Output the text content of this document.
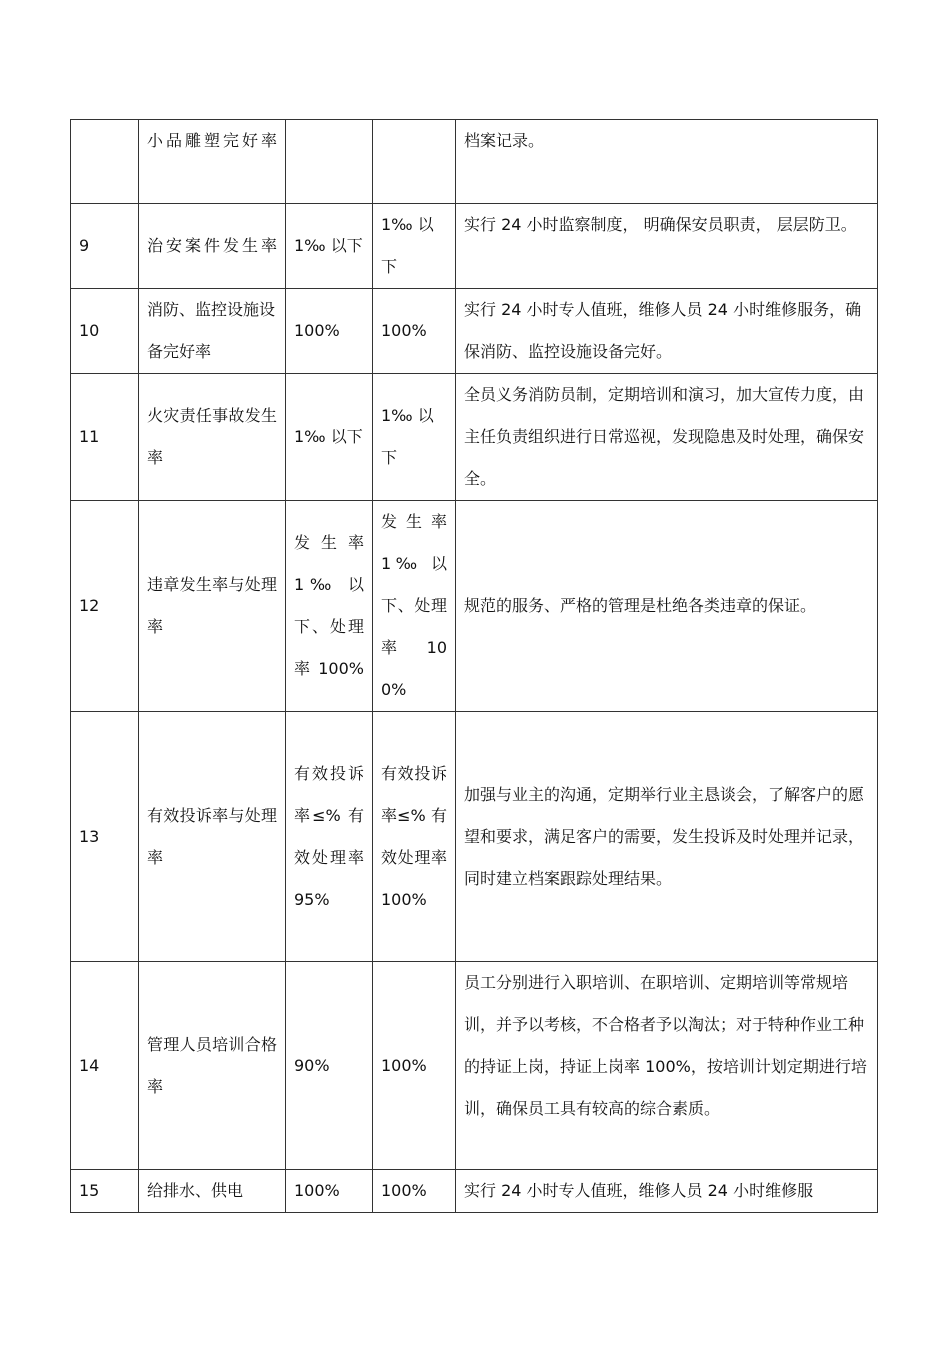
	小品雕塑完好率			档案记录。
9	治安案件发生率	1‰ 以下	1‰ 以下	实行 24 小时监察制度， 明确保安员职责， 层层防卫。
10	消防、监控设施设备完好率	100%	100%	实行 24 小时专人值班，维修人员 24 小时维修服务，确保消防、监控设施设备完好。
11	火灾责任事故发生率	1‰ 以下	1‰ 以下	全员义务消防员制，定期培训和演习，加大宣传力度，由主任负责组织进行日常巡视，发现隐患及时处理，确保安全。
12	违章发生率与处理率	发生率 1‰ 以下、处理率 100%	发生率 1‰ 以下、处理率 100%	规范的服务、严格的管理是杜绝各类违章的保证。
13	有效投诉率与处理率	有效投诉率≤% 有效处理率 95%	有效投诉率≤% 有效处理率 100%	加强与业主的沟通，定期举行业主恳谈会，了解客户的愿望和要求，满足客户的需要，发生投诉及时处理并记录，同时建立档案跟踪处理结果。
14	管理人员培训合格率	90%	100%	员工分别进行入职培训、在职培训、定期培训等常规培训，并予以考核，不合格者予以淘汰；对于特种作业工种的持证上岗，持证上岗率 100%，按培训计划定期进行培训，确保员工具有较高的综合素质。
15	给排水、供电	100%	100%	实行 24 小时专人值班，维修人员 24 小时维修服
